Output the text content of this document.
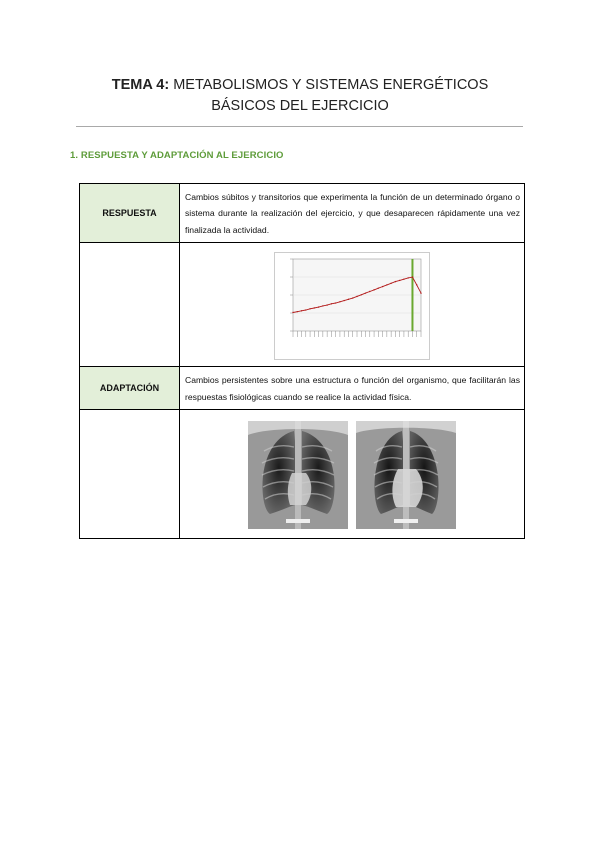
TEMA 4: METABOLISMOS Y SISTEMAS ENERGÉTICOS
BÁSICOS DEL EJERCICIO
1. RESPUESTA Y ADAPTACIÓN AL EJERCICIO
RESPUESTA	Cambios súbitos y transitorios que experimenta la función de un determinado órgano o sistema durante la realización del ejercicio, y que desaparecen rápidamente una vez finalizada la actividad.

ADAPTACIÓN	Cambios persistentes sobre una estructura o función del organismo, que facilitarán las respuestas fisiológicas cuando se realice la actividad física.
